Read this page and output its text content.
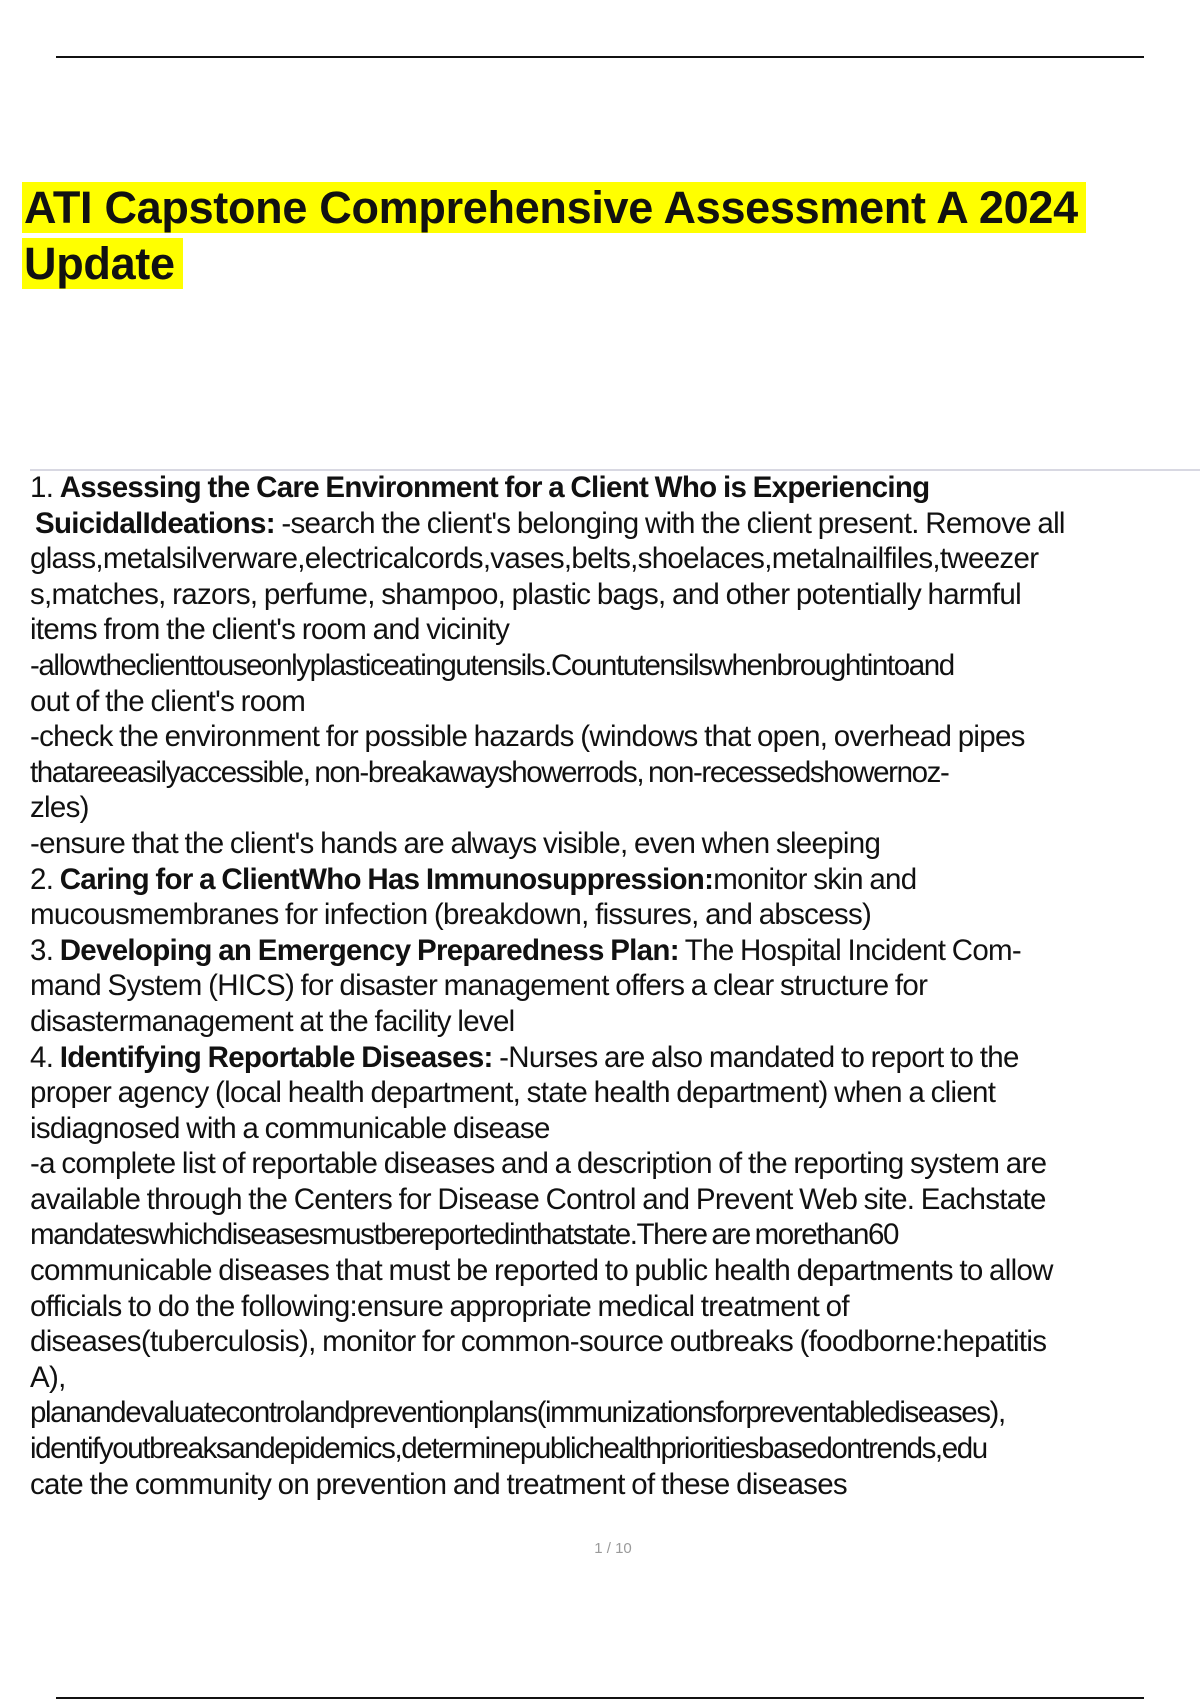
ATI Capstone Comprehensive Assessment A 2024 Update
1. Assessing the Care Environment for a Client Who is Experiencing
SuicidalIdeations: -search the client's belonging with the client present. Remove all
glass,metalsilverware,electricalcords,vases,belts,shoelaces,metalnailfiles,tweezer
s,matches, razors, perfume, shampoo, plastic bags, and other potentially harmful
items from the client's room and vicinity
-allowtheclienttouseonlyplasticeatingutensils.Countutensilswhenbroughtintoand
out of the client's room
-check the environment for possible hazards (windows that open, overhead pipes
thatareeasilyaccessible, non-breakawayshowerrods, non-recessedshowernoz-
zles)
-ensure that the client's hands are always visible, even when sleeping
2. Caring for a ClientWho Has Immunosuppression:monitor skin and
mucousmembranes for infection (breakdown, fissures, and abscess)
3. Developing an Emergency Preparedness Plan: The Hospital Incident Com-
mand System (HICS) for disaster management offers a clear structure for
disastermanagement at the facility level
4. Identifying Reportable Diseases: -Nurses are also mandated to report to the
proper agency (local health department, state health department) when a client
isdiagnosed with a communicable disease
-a complete list of reportable diseases and a description of the reporting system are
available through the Centers for Disease Control and Prevent Web site. Eachstate
mandateswhichdiseasesmustbereportedinthatstate.There are morethan60
communicable diseases that must be reported to public health departments to allow
officials to do the following:ensure appropriate medical treatment of
diseases(tuberculosis), monitor for common-source outbreaks (foodborne:hepatitis
A),
planandevaluatecontrolandpreventionplans(immunizationsforpreventablediseases),
identifyoutbreaksandepidemics,determinepublichealthprioritiesbasedontrends,edu
cate the community on prevention and treatment of these diseases
1 / 10
